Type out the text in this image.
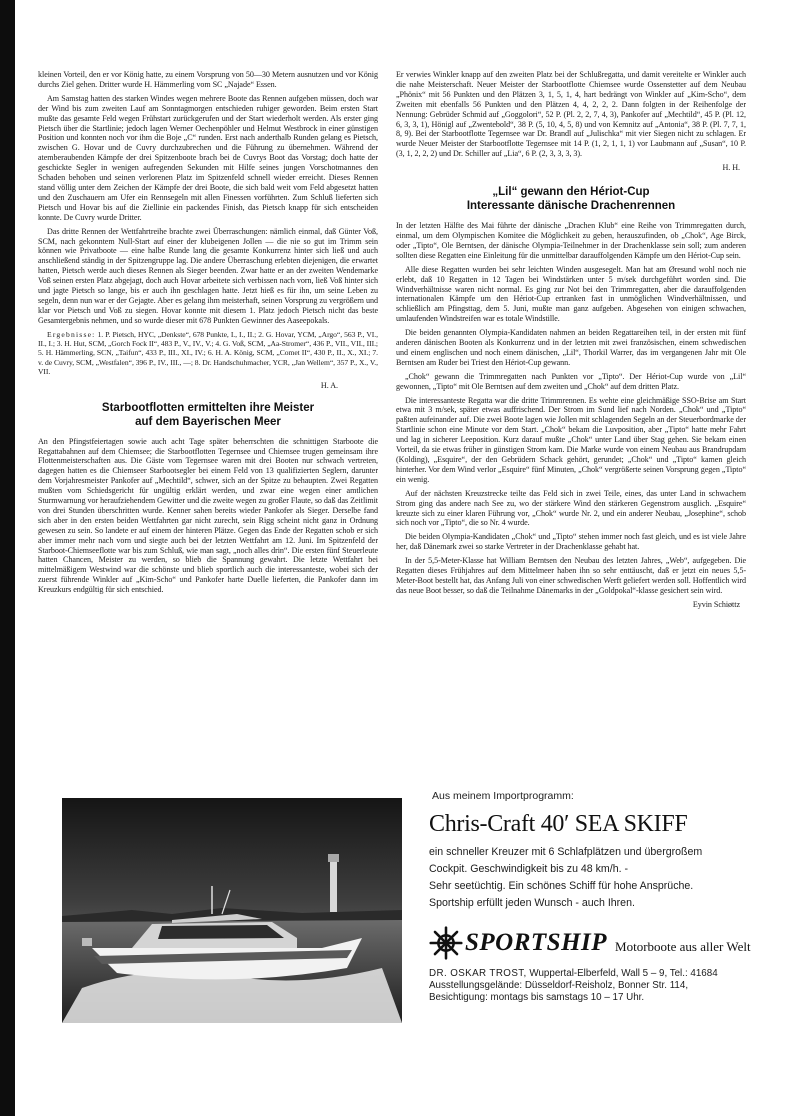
kleinen Vorteil, den er vor König hatte, zu einem Vorsprung von 50—30 Metern ausnutzen und vor König durchs Ziel gehen. Dritter wurde H. Hämmerling vom SC „Najade“ Essen.

Am Samstag hatten des starken Windes wegen mehrere Boote das Rennen aufgeben müssen, doch war der Wind bis zum zweiten Lauf am Sonntagmorgen entschieden ruhiger geworden. Beim ersten Start mußte das gesamte Feld wegen Frühstart zurückgerufen und der Start wiederholt werden. Als erster ging Pietsch über die Startlinie; jedoch lagen Werner Oechenpöhler und Helmut Westbrock in einer günstigen Position und konnten noch vor ihm die Boje „C“ runden. Erst nach anderthalb Runden gelang es Pietsch, zwischen G. Hovar und de Cuvry durchzubrechen und die Führung zu übernehmen. Während der atemberaubenden Kämpfe der drei Spitzenboote brach bei de Cuvrys Boot das Vorstag; doch hatte der geschickte Segler in wenigen aufregenden Sekunden mit Hilfe seines jungen Vorschotmannes den Schaden behoben und seinen verlorenen Platz im Spitzenfeld schnell wieder erreicht. Dieses Rennen stand völlig unter dem Zeichen der Kämpfe der drei Boote, die sich bald weit vom Feld abgesetzt hatten und den Zuschauern am Ufer ein Rennsegeln mit allen Finessen vorführten. Zum Schluß lieferten sich Pietsch und Hovar bis auf die Ziellinie ein packendes Finish, das Pietsch knapp für sich entscheiden konnte. De Cuvry wurde Dritter.

Das dritte Rennen der Wettfahrtreihe brachte zwei Überraschungen: nämlich einmal, daß Günter Voß, SCM, nach gekonntem Null-Start auf einer der klubeigenen Jollen — die nie so gut im Trimm sein können wie Privatboote — eine halbe Runde lang die gesamte Konkurrenz hinter sich ließ und auch anschließend ständig in der Spitzengruppe lag. Die andere Überraschung erlebten diejenigen, die erwartet hatten, Pietsch werde auch dieses Rennen als Sieger beenden. Zwar hatte er an der zweiten Wendemarke Voß seinen ersten Platz abgejagt, doch auch Hovar arbeitete sich verbissen nach vorn, ließ Voß hinter sich und jagte Pietsch so lange, bis er auch ihn geschlagen hatte. Jetzt hieß es für ihn, um seine Leben zu segeln, denn nun war er der Gejagte. Aber es gelang ihm meisterhaft, seinen Vorsprung zu vergrößern und klar vor Pietsch und Voß zu siegen. Hovar konnte mit diesem 1. Platz jedoch Pietsch nicht das beste Gesamtergebnis nehmen, und so wurde dieser mit 678 Punkten Gewinner des Aaseepokals.

Ergebnisse: 1. P. Pietsch, HYC, „Denkste“, 678 Punkte, I., I., II.; 2. G. Hovar, YCM, „Argo“, 563 P., VI., II., I.; 3. H. Hut, SCM, „Gorch Fock II“, 483 P., V., IV., V.; 4. G. Voß, SCM, „Aa-Stromer“, 436 P., VII., VII., III.; 5. H. Hämmerling, SCN, „Taifun“, 433 P., III., XI., IV.; 6. H. A. König, SCM, „Comet II“, 430 P., II., X., XI.; 7. v. de Cuvry, SCM, „Westfalen“, 396 P., IV., III., —; 8. Dr. Handschuhmacher, YCR, „Jan Wellem“, 357 P., X., V., VII.

H. A.

Starbootflotten ermittelten ihre Meister
auf dem Bayerischen Meer

An den Pfingstfeiertagen sowie auch acht Tage später beherrschten die schnittigen Starboote die Regattabahnen auf dem Chiemsee; die Starbootflotten Tegernsee und Chiemsee trugen gemeinsam ihre Flottenmeisterschaften aus. Die Gäste vom Tegernsee waren mit drei Booten nur schwach vertreten, dagegen hatten es die Chiemseer Starbootsegler bei einem Feld von 13 qualifizierten Seglern, darunter dem Vorjahresmeister Pankofer auf „Mechtild“, schwer, sich an der Spitze zu behaupten. Zwei Regatten mußten vom Schiedsgericht für ungültig erklärt werden, und zwar eine wegen einer amtlichen Sturmwarnung vor heraufziehendem Gewitter und die zweite wegen zu großer Flaute, so daß das Zeitlimit von drei Stunden überschritten wurde. Kenner sahen bereits wieder Pankofer als Sieger. Derselbe fand sich aber in den ersten beiden Wettfahrten gar nicht zurecht, sein Rigg scheint nicht ganz in Ordnung gewesen zu sein. So landete er auf einem der hinteren Plätze. Gegen das Ende der Regatten schob er sich aber immer mehr nach vorn und siegte auch bei der letzten Wettfahrt am 12. Juni. Im Spitzenfeld der Starboot-Chiemseeflotte war bis zum Schluß, wie man sagt, „noch alles drin“. Die ersten fünf Steuerleute hatten Chancen, Meister zu werden, so blieb die Spannung gewahrt. Die letzte Wettfahrt bei mittelmäßigem Westwind war die schönste und blieb sportlich auch die interessanteste, wobei sich der zuerst führende Winkler auf „Kim-Scho“ und Pankofer harte Duelle lieferten, die Pankofer dann im Kreuzkurs endgültig für sich entschied.

Er verwies Winkler knapp auf den zweiten Platz bei der Schlußregatta, und damit vereitelte er Winkler auch die nahe Meisterschaft. Neuer Meister der Starbootflotte Chiemsee wurde Ossenstetter auf dem Neubau „Phönix“ mit 56 Punkten und den Plätzen 3, 1, 5, 1, 4, hart bedrängt von Winkler auf „Kim-Scho“, dem Zweiten mit ebenfalls 56 Punkten und den Plätzen 4, 4, 2, 2, 2. Dann folgten in der Reihenfolge der Nennung: Gebrüder Schmid auf „Goggolori“, 52 P. (Pl. 2, 2, 7, 4, 3), Pankofer auf „Mechtild“, 45 P. (Pl. 12, 6, 3, 3, 1), Hönigl auf „Zwentebold“, 38 P. (5, 10, 4, 5, 8) und von Kemnitz auf „Antonia“, 38 P. (Pl. 7, 7, 1, 8, 9). Bei der Starbootflotte Tegernsee war Dr. Brandl auf „Julischka“ mit vier Siegen nicht zu schlagen. Er wurde Neuer Meister der Starbootflotte Tegernsee mit 14 P. (1, 2, 1, 1, 1) vor Laubmann auf „Susan“, 10 P. (3, 1, 2, 2, 2) und Dr. Schiller auf „Lia“, 6 P. (2, 3, 3, 3, 3).

H. H.

„Lil“ gewann den Hériot-Cup
Interessante dänische Drachenrennen

In der letzten Hälfte des Mai führte der dänische „Drachen Klub“ eine Reihe von Trimmregatten durch, einmal, um dem Olympischen Komitee die Möglichkeit zu geben, herauszufinden, ob „Chok“, Age Birck, oder „Tipto“, Ole Berntsen, der dänische Olympia-Teilnehmer in der Drachenklasse sein soll; zum anderen sollten diese Regatten eine Einleitung für die unmittelbar darauffolgenden Kämpfe um den Hériot-Cup sein.

Alle diese Regatten wurden bei sehr leichten Winden ausgesegelt. Man hat am Øresund wohl noch nie erlebt, daß 10 Regatten in 12 Tagen bei Windstärken unter 5 m/sek durchgeführt worden sind. Die Windverhältnisse waren nicht normal. Es ging zur Not bei den Trimmregatten, aber die darauffolgenden internationalen Kämpfe um den Hériot-Cup ertranken fast in unmöglichen Windverhältnissen, und schließlich am Pfingsttag, dem 5. Juni, mußte man ganz aufgeben. Abgesehen von einigen schwachen, umlaufenden Windstreifen war es totale Windstille.

Die beiden genannten Olympia-Kandidaten nahmen an beiden Regattareihen teil, in der ersten mit fünf anderen dänischen Booten als Konkurrenz und in der letzten mit zwei französischen, einem schwedischen und einem englischen und noch einem dänischen, „Lil“, Thorkil Warrer, das im vergangenen Jahr mit Ole Berntsen am Ruder bei Triest den Hériot-Cup gewann.

„Chok“ gewann die Trimmregatten nach Punkten vor „Tipto“. Der Hériot-Cup wurde von „Lil“ gewonnen, „Tipto“ mit Ole Berntsen auf dem zweiten und „Chok“ auf dem dritten Platz.

Die interessanteste Regatta war die dritte Trimmrennen. Es wehte eine gleichmäßige SSO-Brise am Start etwa mit 3 m/sek, später etwas auffrischend. Der Strom im Sund lief nach Norden. „Chok“ und „Tipto“ paßten aufeinander auf. Die zwei Boote lagen wie Jollen mit schlagenden Segeln an der Steuerbordmarke der Startlinie schon eine Minute vor dem Start. „Chok“ bekam die Luvposition, aber „Tipto“ hatte mehr Fahrt und lag in sicherer Leeposition. Kurz darauf mußte „Chok“ unter Land über Stag gehen. Sie bekam einen Vorteil, da sie etwas früher in günstigen Strom kam. Die Marke wurde von einem Neubau aus Brandrupdam (Kolding), „Esquire“, der den Gebrüdern Schack gehört, gerundet; „Chok“ und „Tipto“ kamen gleich hinterher. Vor dem Wind verlor „Esquire“ fünf Minuten, „Chok“ vergrößerte seinen Vorsprung gegen „Tipto“ ein wenig.

Auf der nächsten Kreuzstrecke teilte das Feld sich in zwei Teile, eines, das unter Land in schwachem Strom ging das andere nach See zu, wo der stärkere Wind den stärkeren Gegenstrom ausglich. „Esquire“ kreuzte sich zu einer klaren Führung vor, „Chok“ wurde Nr. 2, und ein anderer Neubau, „Josephine“, schob sich noch vor „Tipto“, die so Nr. 4 wurde.

Die beiden Olympia-Kandidaten „Chok“ und „Tipto“ stehen immer noch fast gleich, und es ist viele Jahre her, daß Dänemark zwei so starke Vertreter in der Drachenklasse gehabt hat.

In der 5,5-Meter-Klasse hat William Berntsen den Neubau des letzten Jahres, „Web“, aufgegeben. Die Regatten dieses Frühjahres auf dem Mittelmeer haben ihn so sehr enttäuscht, daß er jetzt ein neues 5,5-Meter-Boot bestellt hat, das Anfang Juli von einer schwedischen Werft geliefert werden soll. Hoffentlich wird das neue Boot besser, so daß die Teilnahme Dänemarks in der „Goldpokal“-klasse gesichert sein wird.

Eyvin Schiøttz

Aus meinem Importprogramm:
Chris-Craft 40′ SEA SKIFF
ein schneller Kreuzer mit 6 Schlafplätzen und übergroßem
Cockpit. Geschwindigkeit bis zu 48 km/h. -
Sehr seetüchtig. Ein schönes Schiff für hohe Ansprüche.
Sportship erfüllt jeden Wunsch - auch Ihren.
SPORTSHIP Motorboote aus aller Welt
DR. OSKAR TROST, Wuppertal-Elberfeld, Wall 5 – 9, Tel.: 41684
Ausstellungsgelände: Düsseldorf-Reisholz, Bonner Str. 114,
Besichtigung: montags bis samstags 10 – 17 Uhr.
